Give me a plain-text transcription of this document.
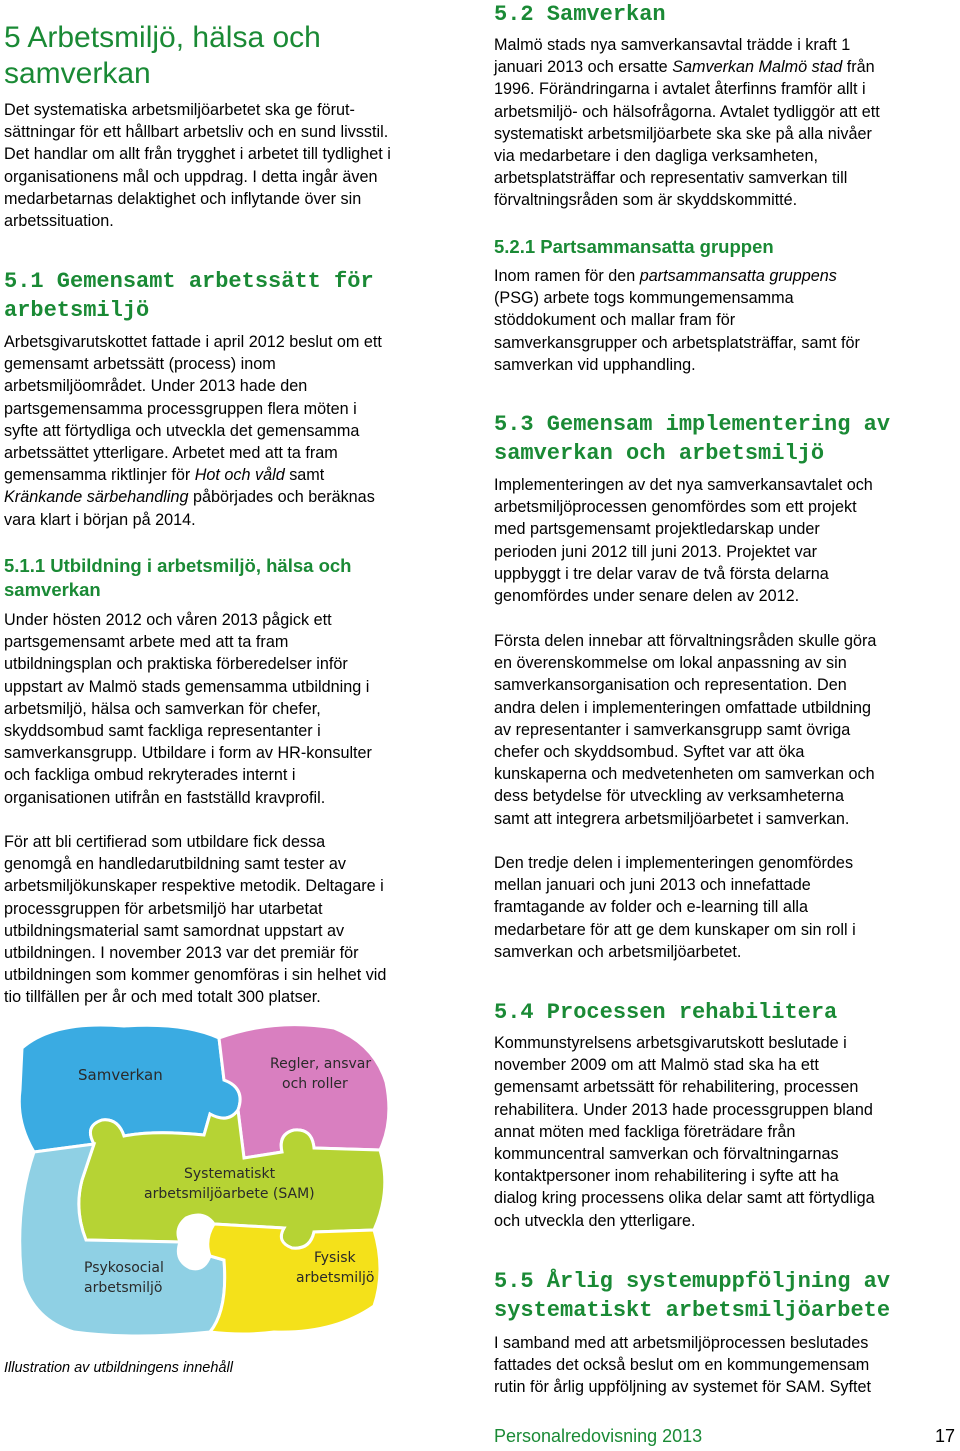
5 Arbetsmiljö, hälsa och
samverkan
Det systematiska arbetsmiljöarbetet ska ge förut-
sättningar för ett hållbart arbetsliv och en sund livsstil.
Det handlar om allt från trygghet i arbetet till tydlighet i
organisationens mål och uppdrag. I detta ingår även
medarbetarnas delaktighet och inflytande över sin
arbetssituation.
5.1 Gemensamt arbetssätt för
arbetsmiljö
Arbetsgivarutskottet fattade i april 2012 beslut om ett
gemensamt arbetssätt (process) inom
arbetsmiljöområdet. Under 2013 hade den
partsgemensamma processgruppen flera möten i
syfte att förtydliga och utveckla det gemensamma
arbetssättet ytterligare. Arbetet med att ta fram
gemensamma riktlinjer för Hot och våld samt
Kränkande särbehandling påbörjades och beräknas
vara klart i början på 2014.
5.1.1 Utbildning i arbetsmiljö, hälsa och
samverkan
Under hösten 2012 och våren 2013 pågick ett
partsgemensamt arbete med att ta fram
utbildningsplan och praktiska förberedelser inför
uppstart av Malmö stads gemensamma utbildning i
arbetsmiljö, hälsa och samverkan för chefer,
skyddsombud samt fackliga representanter i
samverkansgrupp. Utbildare i form av HR-konsulter
och fackliga ombud rekryterades internt i
organisationen utifrån en fastställd kravprofil.
För att bli certifierad som utbildare fick dessa
genomgå en handledarutbildning samt tester av
arbetsmiljökunskaper respektive metodik. Deltagare i
processgruppen för arbetsmiljö har utarbetat
utbildningsmaterial samt samordnat uppstart av
utbildningen. I november 2013 var det premiär för
utbildningen som kommer genomföras i sin helhet vid
tio tillfällen per år och med totalt 300 platser.
Samverkan
Regler, ansvar
och roller
Systematiskt
arbetsmiljöarbete (SAM)
Psykosocial
arbetsmiljö
Fysisk
arbetsmiljö
Illustration av utbildningens innehåll
5.2 Samverkan
Malmö stads nya samverkansavtal trädde i kraft 1
januari 2013 och ersatte Samverkan Malmö stad från
1996. Förändringarna i avtalet återfinns framför allt i
arbetsmiljö- och hälsofrågorna. Avtalet tydliggör att ett
systematiskt arbetsmiljöarbete ska ske på alla nivåer
via medarbetare i den dagliga verksamheten,
arbetsplatsträffar och representativ samverkan till
förvaltningsråden som är skyddskommitté.
5.2.1 Partsammansatta gruppen
Inom ramen för den partsammansatta gruppens
(PSG) arbete togs kommungemensamma
stöddokument och mallar fram för
samverkansgrupper och arbetsplatsträffar, samt för
samverkan vid upphandling.
5.3 Gemensam implementering av
samverkan och arbetsmiljö
Implementeringen av det nya samverkansavtalet och
arbetsmiljöprocessen genomfördes som ett projekt
med partsgemensamt projektledarskap under
perioden juni 2012 till juni 2013. Projektet var
uppbyggt i tre delar varav de två första delarna
genomfördes under senare delen av 2012.
Första delen innebar att förvaltningsråden skulle göra
en överenskommelse om lokal anpassning av sin
samverkansorganisation och representation. Den
andra delen i implementeringen omfattade utbildning
av representanter i samverkansgrupp samt övriga
chefer och skyddsombud. Syftet var att öka
kunskaperna och medvetenheten om samverkan och
dess betydelse för utveckling av verksamheterna
samt att integrera arbetsmiljöarbetet i samverkan.
Den tredje delen i implementeringen genomfördes
mellan januari och juni 2013 och innefattade
framtagande av folder och e-learning till alla
medarbetare för att ge dem kunskaper om sin roll i
samverkan och arbetsmiljöarbetet.
5.4 Processen rehabilitera
Kommunstyrelsens arbetsgivarutskott beslutade i
november 2009 om att Malmö stad ska ha ett
gemensamt arbetssätt för rehabilitering, processen
rehabilitera. Under 2013 hade processgruppen bland
annat möten med fackliga företrädare från
kommuncentral samverkan och förvaltningarnas
kontaktpersoner inom rehabilitering i syfte att ha
dialog kring processens olika delar samt att förtydliga
och utveckla den ytterligare.
5.5 Årlig systemuppföljning av
systematiskt arbetsmiljöarbete
I samband med att arbetsmiljöprocessen beslutades
fattades det också beslut om en kommungemensam
rutin för årlig uppföljning av systemet för SAM. Syftet
Personalredovisning 2013	17
